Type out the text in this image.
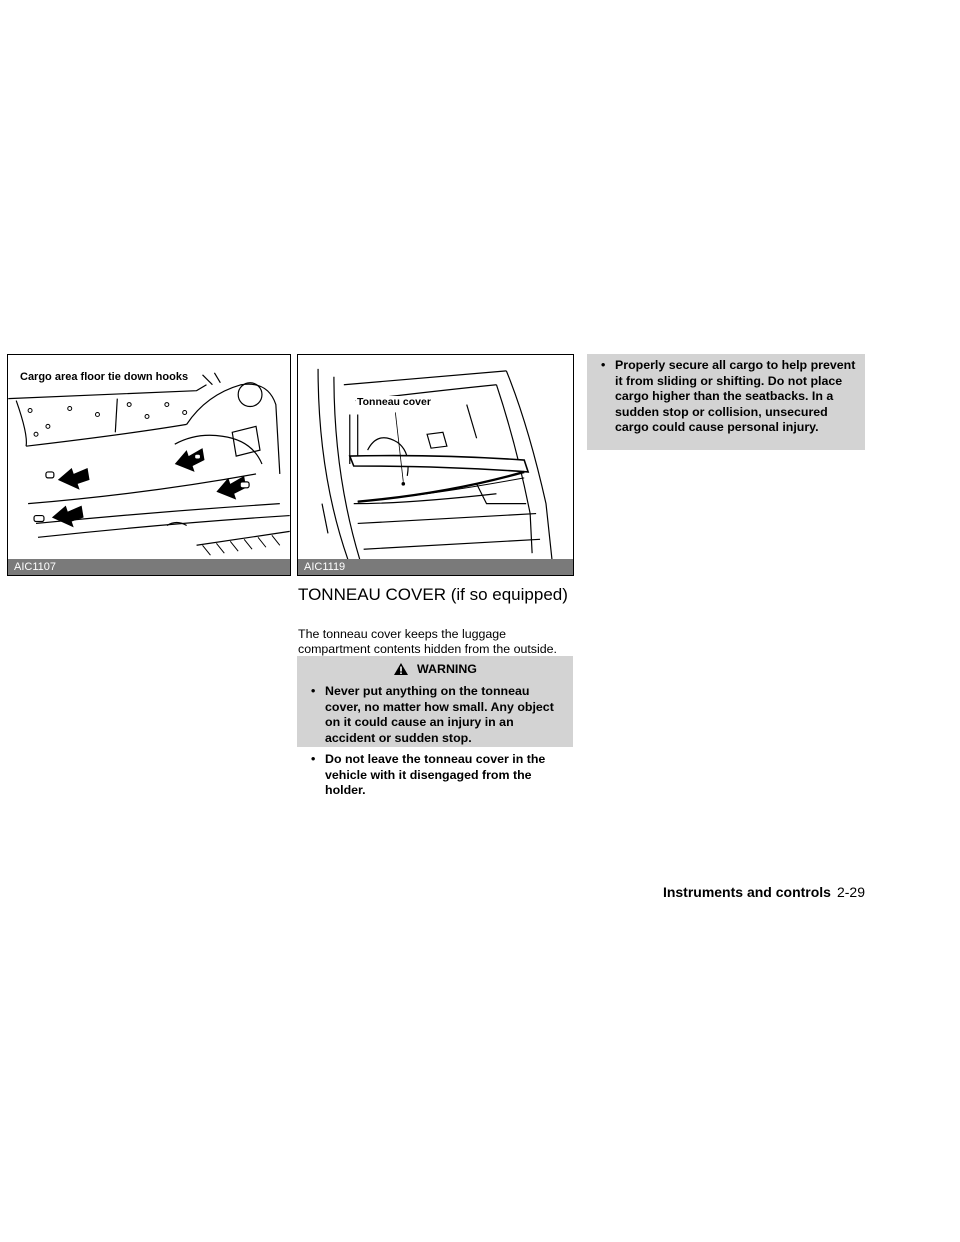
Cargo area floor tie down hooks
AIC1107
Tonneau cover
AIC1119
TONNEAU COVER (if so equipped)
The tonneau cover keeps the luggage compartment contents hidden from the outside.
WARNING
• Never put anything on the tonneau cover, no matter how small. Any object on it could cause an injury in an accident or sudden stop.
• Do not leave the tonneau cover in the vehicle with it disengaged from the holder.
• Properly secure all cargo to help prevent it from sliding or shifting. Do not place cargo higher than the seatbacks. In a sudden stop or collision, unsecured cargo could cause personal injury.
Instruments and controls 2-29
